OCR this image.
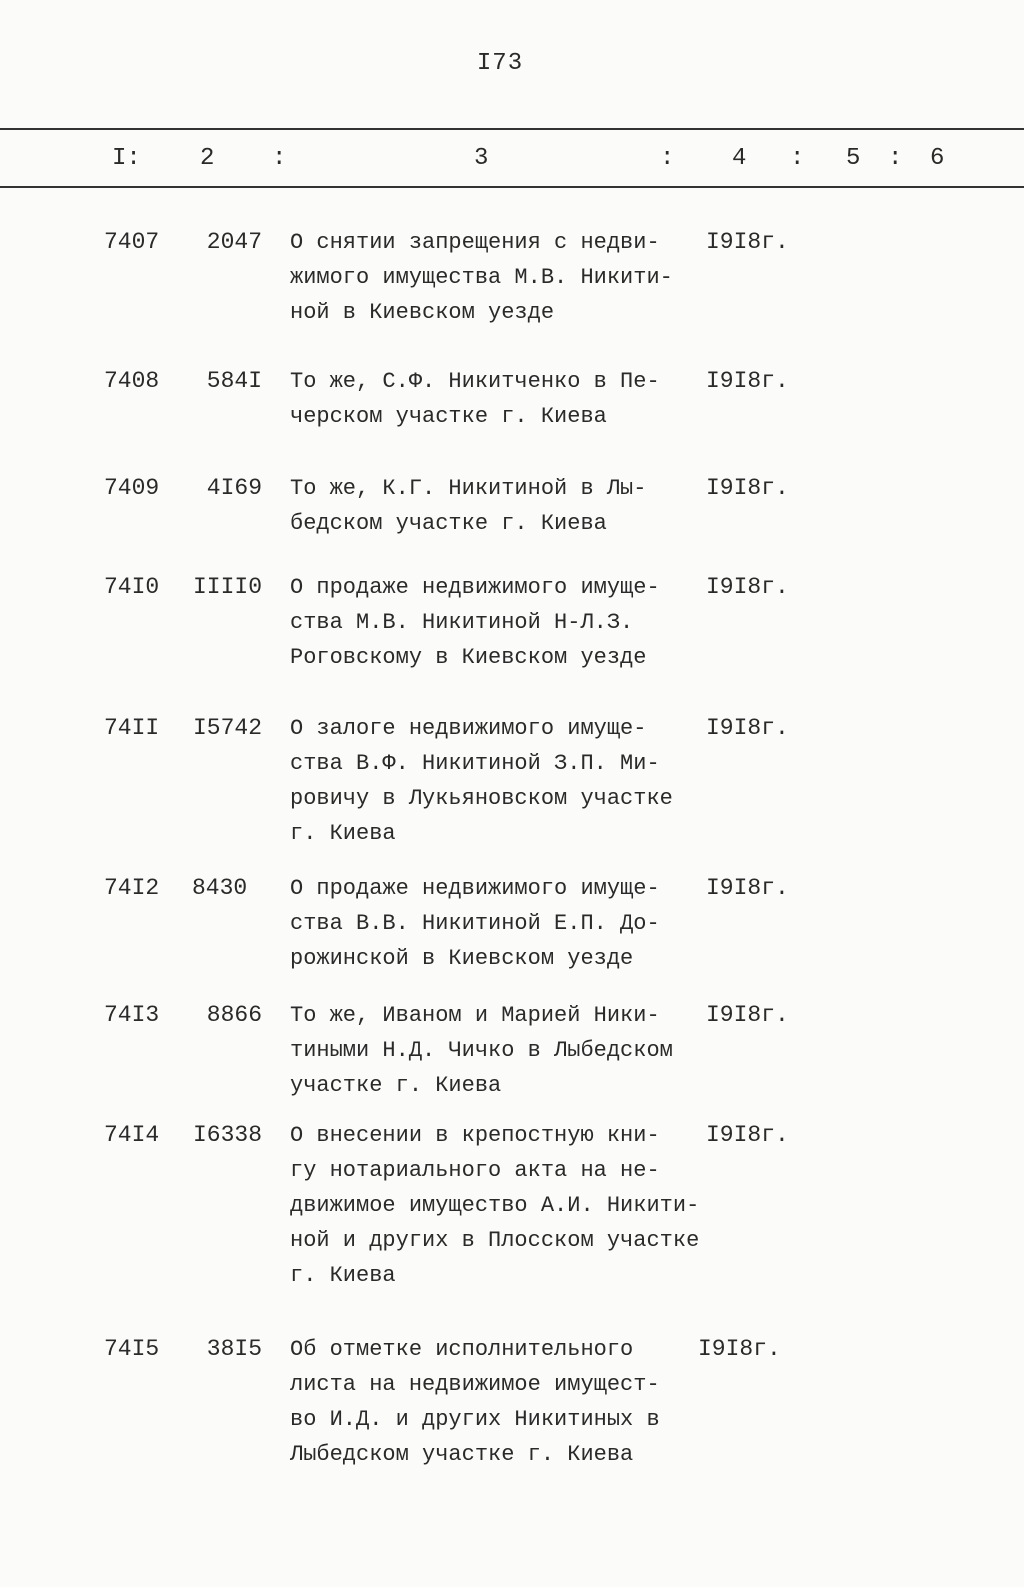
I73
I: 2 :	3	: 4 : 5 : 6
7407	2047 О снятии запрещения с недви-
жимого имущества М.В. Никити-
ной в Киевском уезде
I9I8г.
7408	584I То же, С.Ф. Никитченко в Пе-
черском участке г. Киева
I9I8г.
7409	4I69 То же, К.Г. Никитиной в Лы-
бедском участке г. Киева
I9I8г.
74I0 IIII0 О продаже недвижимого имуще-
ства М.В. Никитиной Н-Л.З.
Роговскому в Киевском уезде
I9I8г.
74II I5742 О залоге недвижимого имуще-
ства В.Ф. Никитиной З.П. Ми-
ровичу в Лукьяновском участке
г. Киева
I9I8г.
74I2 8430	О продаже недвижимого имуще-
ства В.В. Никитиной Е.П. До-
рожинской в Киевском уезде
I9I8г.
74I3	8866 То же, Иваном и Марией Ники-
тиными Н.Д. Чичко в Лыбедском
участке г. Киева
I9I8г.
74I4 I6338 О внесении в крепостную кни-
гу нотариального акта на не-
движимое имущество А.И. Никити-
ной и других в Плосском участке
г. Киева
I9I8г.
74I5	38I5 Об отметке исполнительного
листа на недвижимое имущест-
во И.Д. и других Никитиных в
Лыбедском участке г. Киева
I9I8г.
